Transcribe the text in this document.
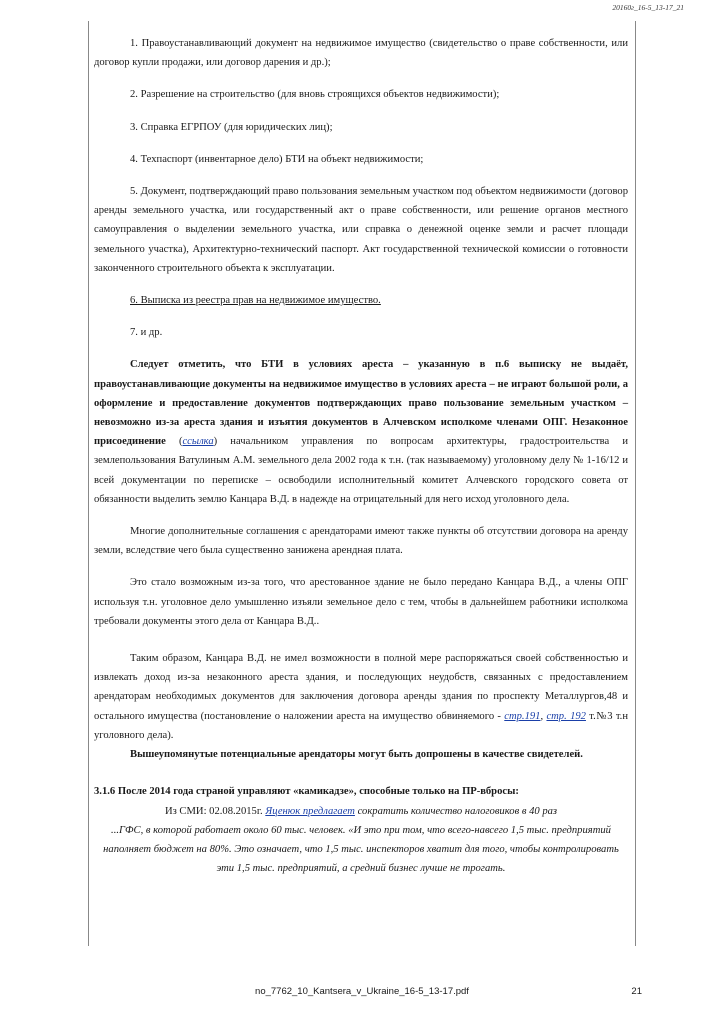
20160г_16-5_13-17_21

1. Правоустанавливающий документ на недвижимое имущество (свидетельство о праве собственности, или договор купли продажи, или договор дарения и др.);

2. Разрешение на строительство (для вновь строящихся объектов недвижимости);

3. Справка ЕГРПОУ (для юридических лиц);

4. Техпаспорт (инвентарное дело) БТИ на объект недвижимости;

5. Документ, подтверждающий право пользования земельным участком под объектом недвижимости (договор аренды земельного участка, или государственный акт о праве собственности, или решение органов местного самоуправления о выделении земельного участка, или справка о денежной оценке земли и расчет площади земельного участка), Архитектурно-технический паспорт. Акт государственной технической комиссии о готовности законченного строительного объекта к эксплуатации.

6. Выписка из реестра прав на недвижимое имущество.

7. и др.

Следует отметить, что БТИ в условиях ареста – указанную в п.6 выписку не выдаёт, правоустанавливающие документы на недвижимое имущество в условиях ареста – не играют большой роли, а оформление и предоставление документов подтверждающих право пользование земельным участком – невозможно из-за ареста здания и изъятия документов в Алчевском исполкоме членами ОПГ. Незаконное присоединение (ссылка) начальником управления по вопросам архитектуры, градостроительства и землепользования Ватулиным А.М. земельного дела 2002 года к т.н. (так называемому) уголовному делу № 1-16/12 и всей документации по переписке – освободили исполнительный комитет Алчевского городского совета от обязанности выделить землю Канцара В.Д. в надежде на отрицательный для него исход уголовного дела.

Многие дополнительные соглашения с арендаторами имеют также пункты об отсутствии договора на аренду земли, вследствие чего была существенно занижена арендная плата.

Это стало возможным из-за того, что арестованное здание не было передано Канцара В.Д., а члены ОПГ используя т.н. уголовное дело умышленно изъяли земельное дело с тем, чтобы в дальнейшем работники исполкома требовали документы этого дела от Канцара В.Д..

Таким образом, Канцара В.Д. не имел возможности в полной мере распоряжаться своей собственностью и извлекать доход из-за незаконного ареста здания, и последующих неудобств, связанных с предоставлением арендаторам необходимых документов для заключения договора аренды здания по проспекту Металлургов,48 и остального имущества (постановление о наложении ареста на имущество обвиняемого - стр.191, стр. 192 т.№3 т.н уголовного дела).

Вышеупомянутые потенциальные арендаторы могут быть допрошены в качестве свидетелей.

3.1.6 После 2014 года страной управляют «камикадзе», способные только на ПР-вбросы:

Из СМИ: 02.08.2015г. Яценюк предлагает сократить количество налоговиков в 40 раз

...ГФС, в которой работает около 60 тыс. человек. «И это при том, что всего-навсего 1,5 тыс. предприятий наполняет бюджет на 80%. Это означает, что 1,5 тыс. инспекторов хватит для того, чтобы контролировать эти 1,5 тыс. предприятий, а средний бизнес лучше не трогать.

no_7762_10_Kantsera_v_Ukraine_16-5_13-17.pdf	21
